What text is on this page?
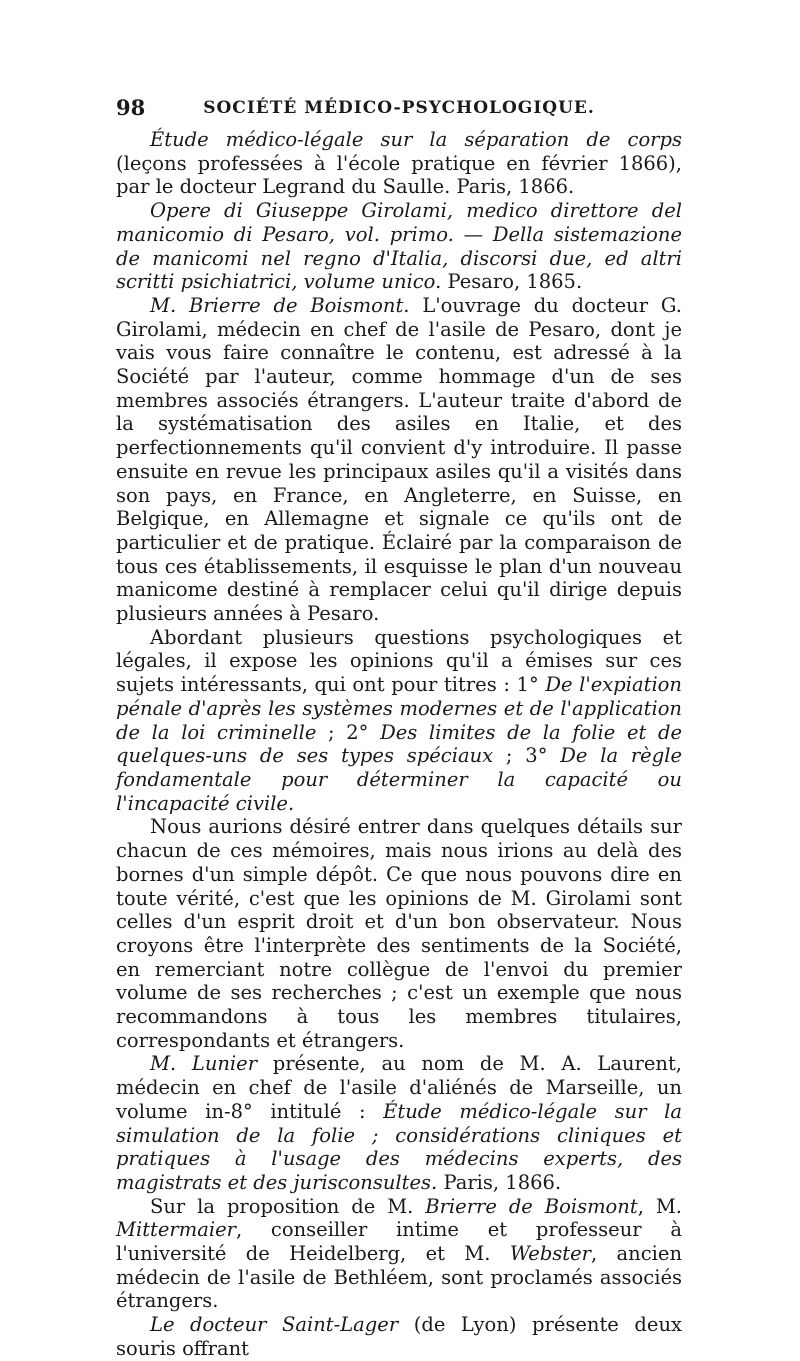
98	SOCIÉTÉ MÉDICO-PSYCHOLOGIQUE.

Étude médico-légale sur la séparation de corps (leçons professées à l'école pratique en février 1866), par le docteur Legrand du Saulle. Paris, 1866.

Opere di Giuseppe Girolami, medico direttore del manicomio di Pesaro, vol. primo. — Della sistemazione de manicomi nel regno d'Italia, discorsi due, ed altri scritti psichiatrici, volume unico. Pesaro, 1865.

M. Brierre de Boismont. L'ouvrage du docteur G. Girolami, médecin en chef de l'asile de Pesaro, dont je vais vous faire connaître le contenu, est adressé à la Société par l'auteur, comme hommage d'un de ses membres associés étrangers. L'auteur traite d'abord de la systématisation des asiles en Italie, et des perfectionnements qu'il convient d'y introduire. Il passe ensuite en revue les principaux asiles qu'il a visités dans son pays, en France, en Angleterre, en Suisse, en Belgique, en Allemagne et signale ce qu'ils ont de particulier et de pratique. Éclairé par la comparaison de tous ces établissements, il esquisse le plan d'un nouveau manicome destiné à remplacer celui qu'il dirige depuis plusieurs années à Pesaro.

Abordant plusieurs questions psychologiques et légales, il expose les opinions qu'il a émises sur ces sujets intéressants, qui ont pour titres : 1° De l'expiation pénale d'après les systèmes modernes et de l'application de la loi criminelle ; 2° Des limites de la folie et de quelques-uns de ses types spéciaux ; 3° De la règle fondamentale pour déterminer la capacité ou l'incapacité civile.

Nous aurions désiré entrer dans quelques détails sur chacun de ces mémoires, mais nous irions au delà des bornes d'un simple dépôt. Ce que nous pouvons dire en toute vérité, c'est que les opinions de M. Girolami sont celles d'un esprit droit et d'un bon observateur. Nous croyons être l'interprète des sentiments de la Société, en remerciant notre collègue de l'envoi du premier volume de ses recherches ; c'est un exemple que nous recommandons à tous les membres titulaires, correspondants et étrangers.

M. Lunier présente, au nom de M. A. Laurent, médecin en chef de l'asile d'aliénés de Marseille, un volume in-8° intitulé : Étude médico-légale sur la simulation de la folie ; considérations cliniques et pratiques à l'usage des médecins experts, des magistrats et des jurisconsultes. Paris, 1866.

Sur la proposition de M. Brierre de Boismont, M. Mittermaier, conseiller intime et professeur à l'université de Heidelberg, et M. Webster, ancien médecin de l'asile de Bethléem, sont proclamés associés étrangers.

Le docteur Saint-Lager (de Lyon) présente deux souris offrant
